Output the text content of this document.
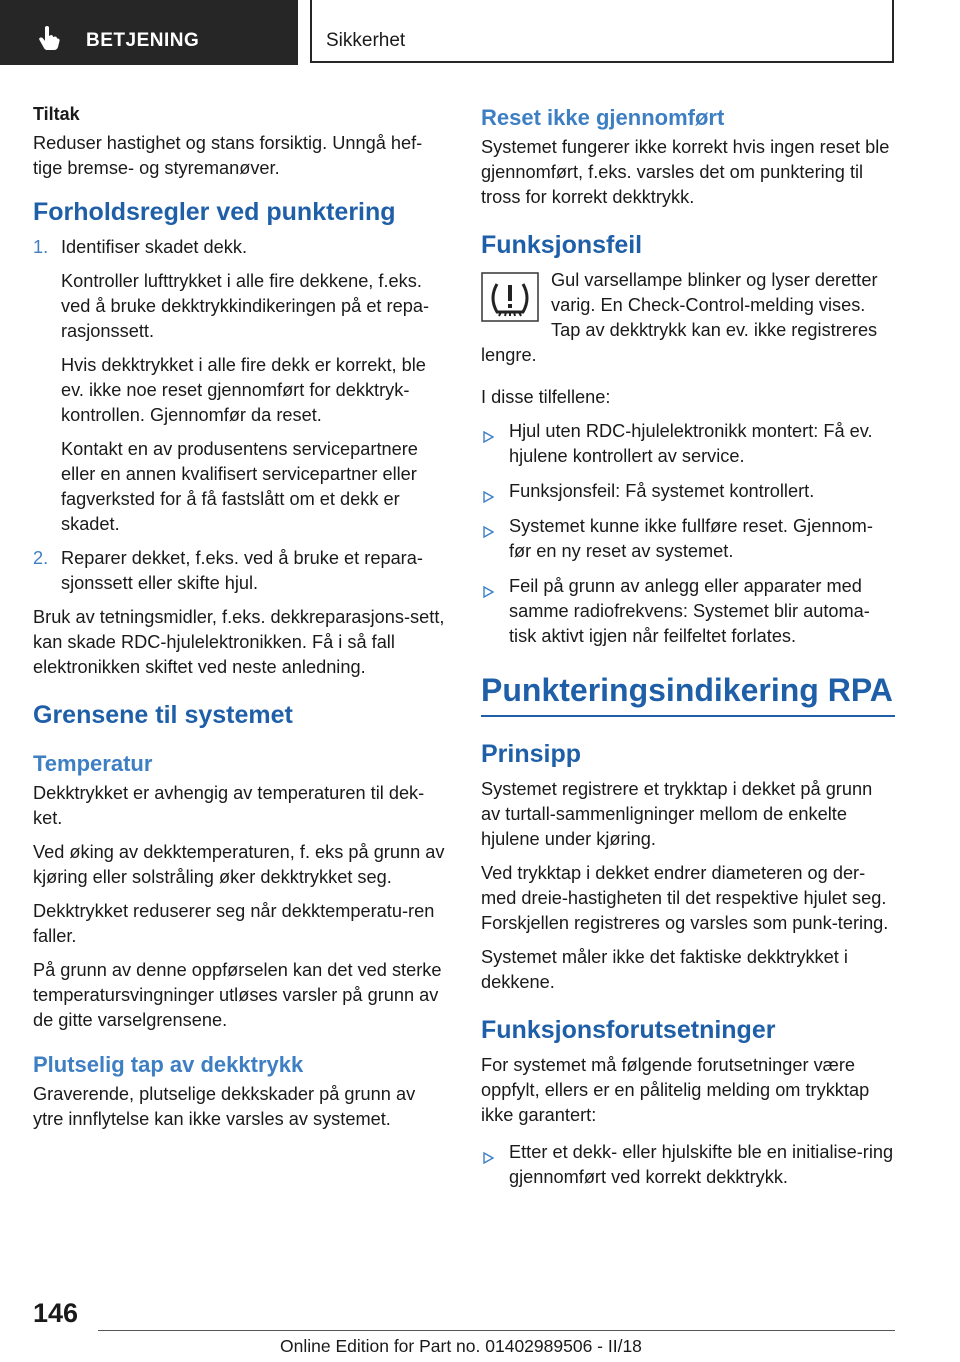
BETJENING	Sikkerhet
Tiltak

Reduser hastighet og stans forsiktig. Unngå hef‐tige bremse- og styremanøver.

Forholdsregler ved punktering
1. Identifiser skadet dekk.

Kontroller lufttrykket i alle fire dekkene, f.eks. ved å bruke dekktrykkindikeringen på et repa‐rasjonssett.

Hvis dekktrykket i alle fire dekk er korrekt, ble ev. ikke noe reset gjennomført for dekktryk‐kontrollen. Gjennomfør da reset.

Kontakt en av produsentens servicepartnere eller en annen kvalifisert servicepartner eller fagverksted for å få fastslått om et dekk er skadet.

2. Reparer dekket, f.eks. ved å bruke et repara‐sjonssett eller skifte hjul.

Bruk av tetningsmidler, f.eks. dekkreparasjons‐sett, kan skade RDC-hjulelektronikken. Få i så fall elektronikken skiftet ved neste anledning.

Grensene til systemet
Temperatur

Dekktrykket er avhengig av temperaturen til dek‐ket.

Ved øking av dekktemperaturen, f. eks på grunn av kjøring eller solstråling øker dekktrykket seg.

Dekktrykket reduserer seg når dekktemperatu‐ren faller.

På grunn av denne oppførselen kan det ved sterke temperatursvingninger utløses varsler på grunn av de gitte varselgrensene.

Plutselig tap av dekktrykk

Graverende, plutselige dekkskader på grunn av ytre innflytelse kan ikke varsles av systemet.

Reset ikke gjennomført

Systemet fungerer ikke korrekt hvis ingen reset ble gjennomført, f.eks. varsles det om punktering til tross for korrekt dekktrykk.

Funksjonsfeil

Gul varsellampe blinker og lyser deretter varig. En Check-Control-melding vises. Tap av dekktrykk kan ev. ikke registreres lengre.

I disse tilfellene:

Hjul uten RDC-hjulelektronikk montert: Få ev. hjulene kontrollert av service.
Funksjonsfeil: Få systemet kontrollert.
Systemet kunne ikke fullføre reset. Gjennom‐før en ny reset av systemet.
Feil på grunn av anlegg eller apparater med samme radiofrekvens: Systemet blir automa‐tisk aktivt igjen når feilfeltet forlates.
Punkteringsindikering RPA
Prinsipp

Systemet registrere et trykktap i dekket på grunn av turtall-sammenligninger mellom de enkelte hjulene under kjøring.

Ved trykktap i dekket endrer diameteren og der‐med dreie-hastigheten til det respektive hjulet seg. Forskjellen registreres og varsles som punk‐tering.

Systemet måler ikke det faktiske dekktrykket i dekkene.

Funksjonsforutsetninger

For systemet må følgende forutsetninger være oppfylt, ellers er en pålitelig melding om trykktap ikke garantert:

Etter et dekk- eller hjulskifte ble en initialise‐ring gjennomført ved korrekt dekktrykk.
146
Online Edition for Part no. 01402989506 - II/18
